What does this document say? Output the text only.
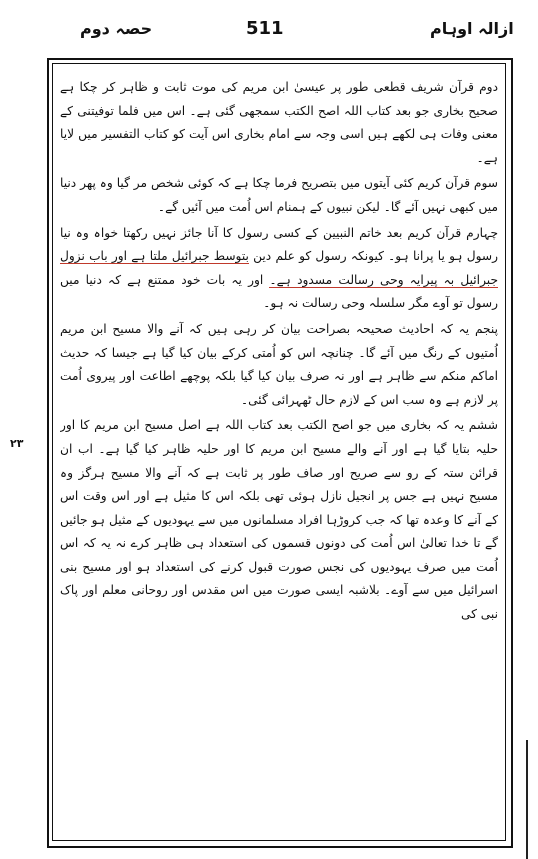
حصہ دوم	511	ازالہ اوہام
۲۳

دوم قرآن شریف قطعی طور پر عیسیٰ ابن مریم کی موت ثابت و ظاہر کر چکا ہے صحیح بخاری جو بعد کتاب اللہ اصح الکتب سمجھی گئی ہے۔ اس میں فلما توفیتنی کے معنی وفات ہی لکھے ہیں اسی وجہ سے امام بخاری اس آیت کو کتاب التفسیر میں لایا ہے۔

سوم قرآن کریم کئی آیتوں میں بتصریح فرما چکا ہے کہ کوئی شخص مر گیا وہ پھر دنیا میں کبھی نہیں آئے گا۔ لیکن نبیوں کے ہمنام اس اُمت میں آئیں گے۔

چہارم قرآن کریم بعد خاتم النبیین کے کسی رسول کا آنا جائز نہیں رکھتا خواہ وہ نیا رسول ہو یا پرانا ہو۔ کیونکہ رسول کو علم دین بتوسط جبرائیل ملتا ہے اور باب نزول جبرائیل بہ پیرایہ وحی رسالت مسدود ہے۔ اور یہ بات خود ممتنع ہے کہ دنیا میں رسول تو آوے مگر سلسلہ وحی رسالت نہ ہو۔

پنجم یہ کہ احادیث صحیحہ بصراحت بیان کر رہی ہیں کہ آنے والا مسیح ابن مریم اُمتیوں کے رنگ میں آئے گا۔ چنانچہ اس کو اُمتی کرکے بیان کیا گیا ہے جیسا کہ حدیث اماکم منکم سے ظاہر ہے اور نہ صرف بیان کیا گیا بلکہ پوچھے اطاعت اور پیروی اُمت پر لازم ہے وہ سب اس کے لازم حال ٹھہرائی گئی۔

ششم یہ کہ بخاری میں جو اصح الکتب بعد کتاب اللہ ہے اصل مسیح ابن مریم کا اور حلیہ بتایا گیا ہے اور آنے والے مسیح ابن مریم کا اور حلیہ ظاہر کیا گیا ہے۔ اب ان قرائن ستہ کے رو سے صریح اور صاف طور پر ثابت ہے کہ آنے والا مسیح ہرگز وہ مسیح نہیں ہے جس پر انجیل نازل ہوئی تھی بلکہ اس کا مثیل ہے اور اس وقت اس کے آنے کا وعدہ تھا کہ جب کروڑہا افراد مسلمانوں میں سے یہودیوں کے مثیل ہو جائیں گے تا خدا تعالیٰ اس اُمت کی دونوں قسموں کی استعداد ہی ظاہر کرے نہ یہ کہ اس اُمت میں صرف یہودیوں کی نجس صورت قبول کرنے کی استعداد ہو اور مسیح بنی اسرائیل میں سے آوے۔ بلاشبہ ایسی صورت میں اس مقدس اور روحانی معلم اور پاک نبی کی
